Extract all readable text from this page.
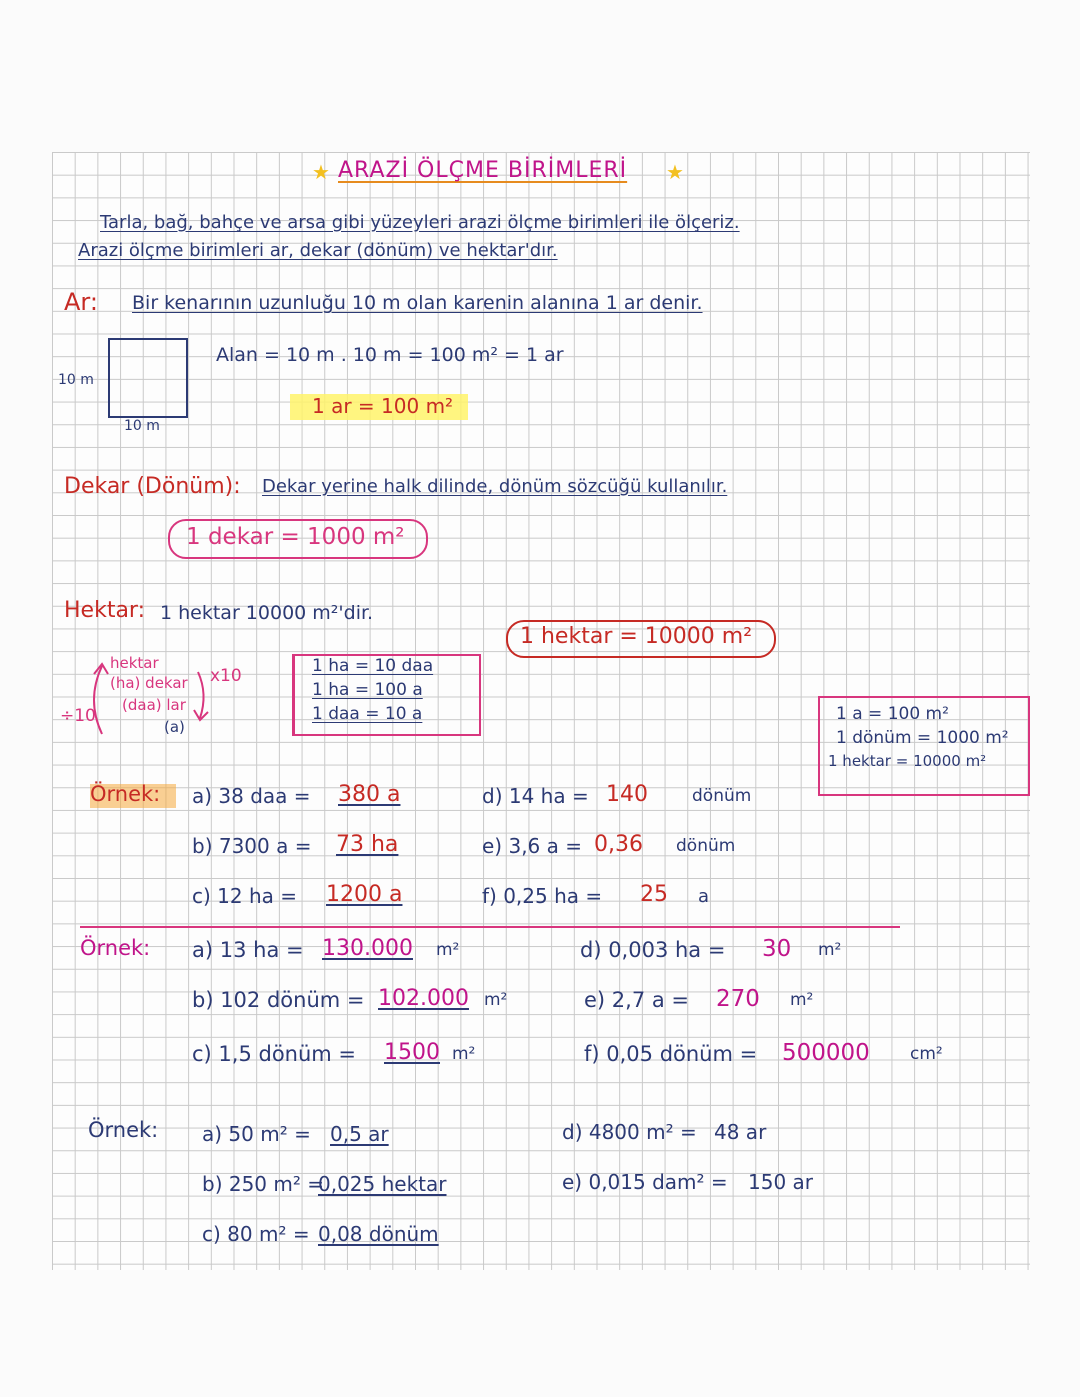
★ ARAZİ ÖLÇME BİRİMLERİ ★
Tarla, bağ, bahçe ve arsa gibi yüzeyleri arazi ölçme birimleri ile ölçeriz.
Arazi ölçme birimleri ar, dekar (dönüm) ve hektar'dır.
Ar: Bir kenarının uzunluğu 10 m olan karenin alanına 1 ar denir.
10 m
10 m
Alan = 10 m . 10 m = 100 m² = 1 ar
1 ar = 100 m²
Dekar (Dönüm): Dekar yerine halk dilinde, dönüm sözcüğü kullanılır.
1 dekar = 1000 m²
Hektar: 1 hektar 10000 m²'dir.
1 hektar = 10000 m²
hektar
(ha) dekar
(daa) lar
(a)
÷10
x10	1 ha = 10 daa
1 ha = 100 a
1 daa = 10 a	1 a = 100 m²
1 dönüm = 1000 m²
1 hektar = 10000 m²
Örnek: a) 38 daa = 380 a
b) 7300 a = 73 ha
c) 12 ha = 1200 a
d) 14 ha = 140	dönüm
e) 3,6 a = 0,36 dönüm
f) 0,25 ha = 25 a
Örnek: a) 13 ha = 130.000 m²
b) 102 dönüm = 102.000 m²
c) 1,5 dönüm = 1500 m²
d) 0,003 ha = 30 m²
e) 2,7 a = 270 m²
f) 0,05 dönüm = 500000 cm²
Örnek: a) 50 m² = 0,5 ar
b) 250 m² =
0,025 hektar
c) 80 m² = 0,08 dönüm
d) 4800 m² = 48 ar
e) 0,015 dam² = 150 ar
